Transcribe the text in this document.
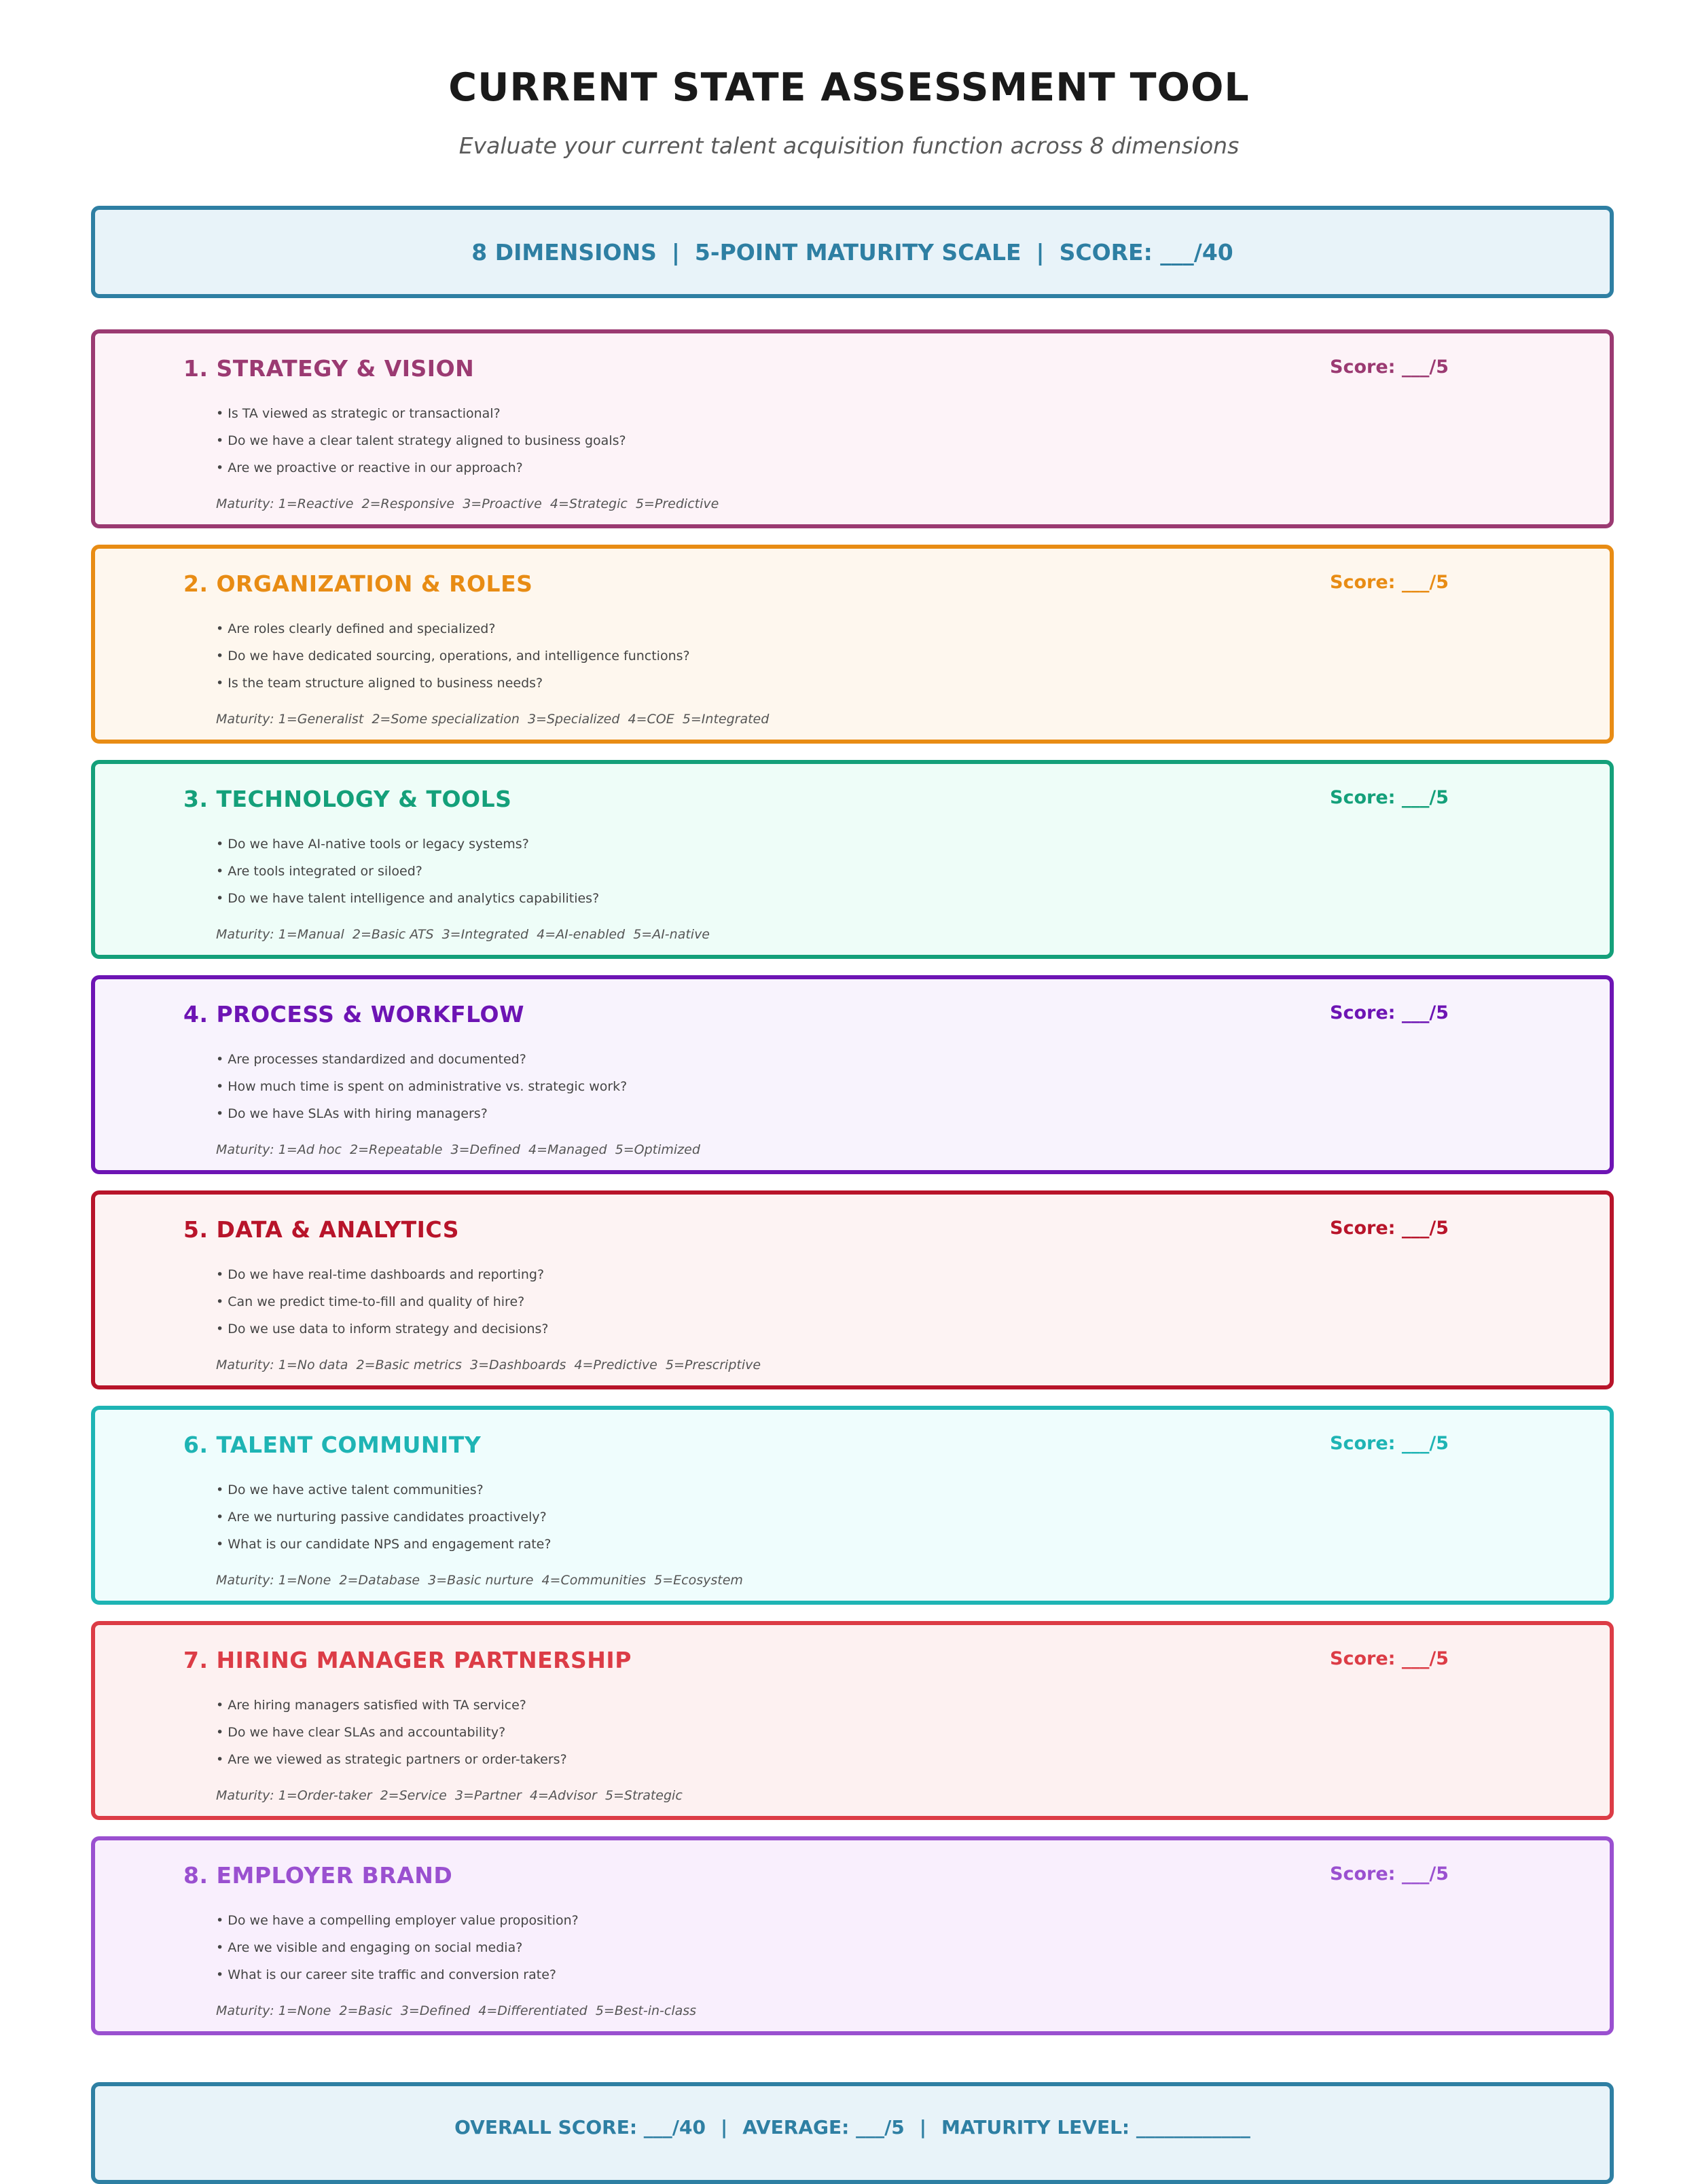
CURRENT STATE ASSESSMENT TOOL

Evaluate your current talent acquisition function across 8 dimensions

8 DIMENSIONS | 5-POINT MATURITY SCALE | SCORE: ___/40
1. STRATEGY & VISION	Score: ___/5
• Is TA viewed as strategic or transactional?
• Do we have a clear talent strategy aligned to business goals?
• Are we proactive or reactive in our approach?
Maturity: 1=Reactive  2=Responsive  3=Proactive  4=Strategic  5=Predictive
2. ORGANIZATION & ROLES	Score: ___/5
• Are roles clearly defined and specialized?
• Do we have dedicated sourcing, operations, and intelligence functions?
• Is the team structure aligned to business needs?
Maturity: 1=Generalist  2=Some specialization  3=Specialized  4=COE  5=Integrated
3. TECHNOLOGY & TOOLS	Score: ___/5
• Do we have AI-native tools or legacy systems?
• Are tools integrated or siloed?
• Do we have talent intelligence and analytics capabilities?
Maturity: 1=Manual  2=Basic ATS  3=Integrated  4=AI-enabled  5=AI-native
4. PROCESS & WORKFLOW	Score: ___/5
• Are processes standardized and documented?
• How much time is spent on administrative vs. strategic work?
• Do we have SLAs with hiring managers?
Maturity: 1=Ad hoc  2=Repeatable  3=Defined  4=Managed  5=Optimized
5. DATA & ANALYTICS	Score: ___/5
• Do we have real-time dashboards and reporting?
• Can we predict time-to-fill and quality of hire?
• Do we use data to inform strategy and decisions?
Maturity: 1=No data  2=Basic metrics  3=Dashboards  4=Predictive  5=Prescriptive
6. TALENT COMMUNITY	Score: ___/5
• Do we have active talent communities?
• Are we nurturing passive candidates proactively?
• What is our candidate NPS and engagement rate?
Maturity: 1=None  2=Database  3=Basic nurture  4=Communities  5=Ecosystem
7. HIRING MANAGER PARTNERSHIP	Score: ___/5
• Are hiring managers satisfied with TA service?
• Do we have clear SLAs and accountability?
• Are we viewed as strategic partners or order-takers?
Maturity: 1=Order-taker  2=Service  3=Partner  4=Advisor  5=Strategic
8. EMPLOYER BRAND	Score: ___/5
• Do we have a compelling employer value proposition?
• Are we visible and engaging on social media?
• What is our career site traffic and conversion rate?
Maturity: 1=None  2=Basic  3=Defined  4=Differentiated  5=Best-in-class
OVERALL SCORE: ___/40 | AVERAGE: ___/5 | MATURITY LEVEL: ____________
